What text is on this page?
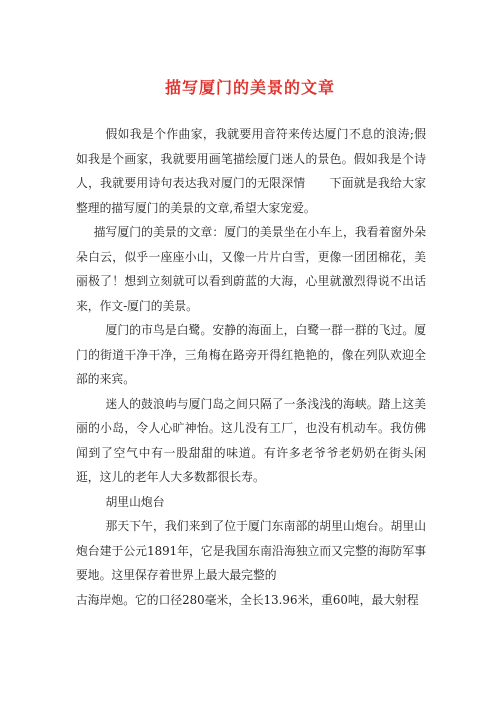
描写厦门的美景的文章

假如我是个作曲家，我就要用音符来传达厦门不息的浪涛;假如我是个画家，我就要用画笔描绘厦门迷人的景色。假如我是个诗人，我就要用诗句表达我对厦门的无限深情　　下面就是我给大家整理的描写厦门的美景的文章,希望大家宠爱。

描写厦门的美景的文章：厦门的美景坐在小车上，我看着窗外朵朵白云，似乎一座座小山，又像一片片白雪，更像一团团棉花，美丽极了！想到立刻就可以看到蔚蓝的大海，心里就激烈得说不出话来，作文-厦门的美景。

厦门的市鸟是白鹭。安静的海面上，白鹭一群一群的飞过。厦门的街道干净干净，三角梅在路旁开得红艳艳的，像在列队欢迎全部的来宾。

迷人的鼓浪屿与厦门岛之间只隔了一条浅浅的海峡。踏上这美丽的小岛，令人心旷神怡。这儿没有工厂，也没有机动车。我仿佛闻到了空气中有一股甜甜的味道。有许多老爷爷老奶奶在街头闲逛，这儿的老年人大多数都很长寿。

胡里山炮台

那天下午，我们来到了位于厦门东南部的胡里山炮台。胡里山炮台建于公元1891年，它是我国东南沿海独立而又完整的海防军事要地。这里保存着世界上最大最完整的

古海岸炮。它的口径280毫米，全长13.96米，重60吨，最大射程
